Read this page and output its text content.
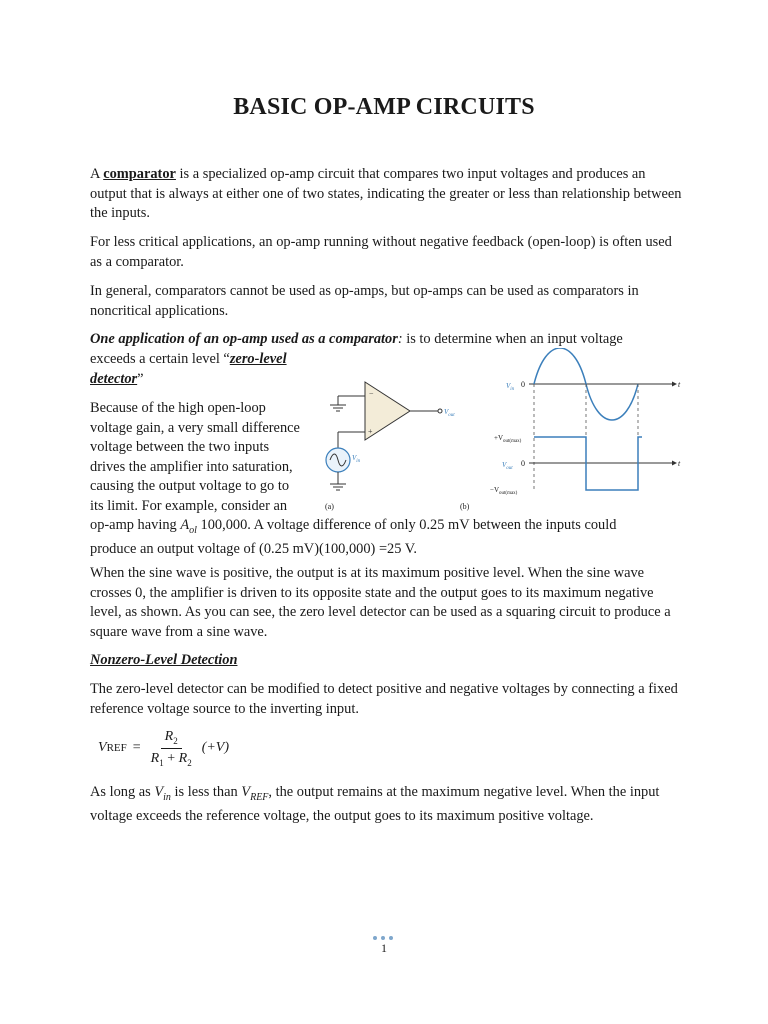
BASIC OP-AMP CIRCUITS

A comparator is a specialized op-amp circuit that compares two input voltages and produces an output that is always at either one of two states, indicating the greater or less than relationship between the inputs.

For less critical applications, an op-amp running without negative feedback (open-loop) is often used as a comparator.

In general, comparators cannot be used as op-amps, but op-amps can be used as comparators in noncritical applications.

One application of an op-amp used as a comparator: is to determine when an input voltage

exceeds a certain level “zero-level
detector”

Because of the high open-loop
voltage gain, a very small difference
voltage between the two inputs
drives the amplifier into saturation,
causing the output voltage to go to
its limit. For example, consider an
op-amp having $A_{ol}$ 100,000. A voltage difference of only 0.25 mV between the inputs could
produce an output voltage of (0.25 mV)(100,000) =25 V.

When the sine wave is positive, the output is at its maximum positive level. When the sine wave crosses 0, the amplifier is driven to its opposite state and the output goes to its maximum negative level, as shown. As you can see, the zero level detector can be used as a squaring circuit to produce a square wave from a sine wave.

Nonzero-Level Detection

The zero-level detector can be modified to detect positive and negative voltages by connecting a fixed reference voltage source to the inverting input.

VREF = $\frac{R_2}{R_1 + R_2} (+V)$

As long as $V_{in}$ is less than $V_{REF}$, the output remains at the maximum negative level. When the input voltage exceeds the reference voltage, the output goes to its maximum positive voltage.

−
+
$V_{out}$
$V_{in}$
(a)
$V_{in}$
0	t
$+V_{out(max)}$
$V_{out}$
0	t
$-V_{out(max)}$
(b)
1
